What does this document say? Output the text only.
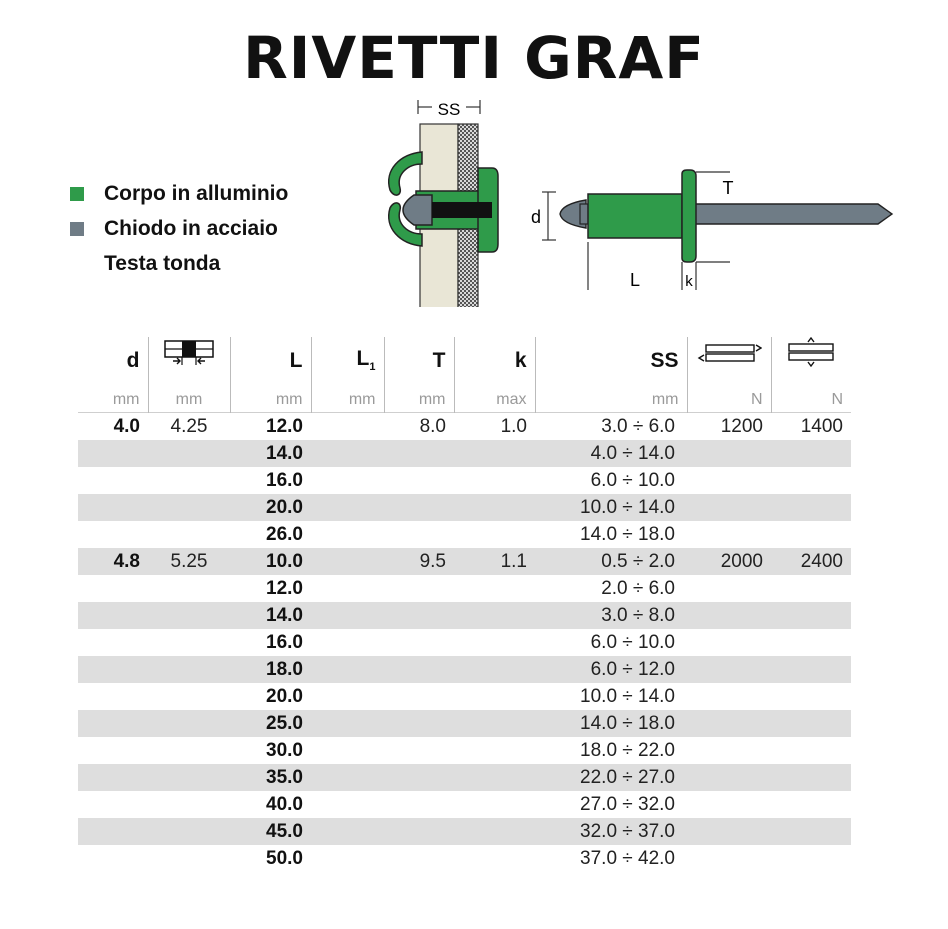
RIVETTI GRAF
Corpo in alluminio
Chiodo in acciaio
Testa tonda
SS
d
T
L	k
d		L	$L_1$	T	k	SS		
mm	mm	mm	mm	mm	max	mm	N	N
4.0	4.25	12.0		8.0	1.0	3.0 ÷ 6.0	1200	1400
		14.0				4.0 ÷ 14.0		
		16.0				6.0 ÷ 10.0		
		20.0				10.0 ÷ 14.0		
		26.0				14.0 ÷ 18.0		
4.8	5.25	10.0		9.5	1.1	0.5 ÷ 2.0	2000	2400
		12.0				2.0 ÷ 6.0		
		14.0				3.0 ÷ 8.0		
		16.0				6.0 ÷ 10.0		
		18.0				6.0 ÷ 12.0		
		20.0				10.0 ÷ 14.0		
		25.0				14.0 ÷ 18.0		
		30.0				18.0 ÷ 22.0		
		35.0				22.0 ÷ 27.0		
		40.0				27.0 ÷ 32.0		
		45.0				32.0 ÷ 37.0		
		50.0				37.0 ÷ 42.0		
